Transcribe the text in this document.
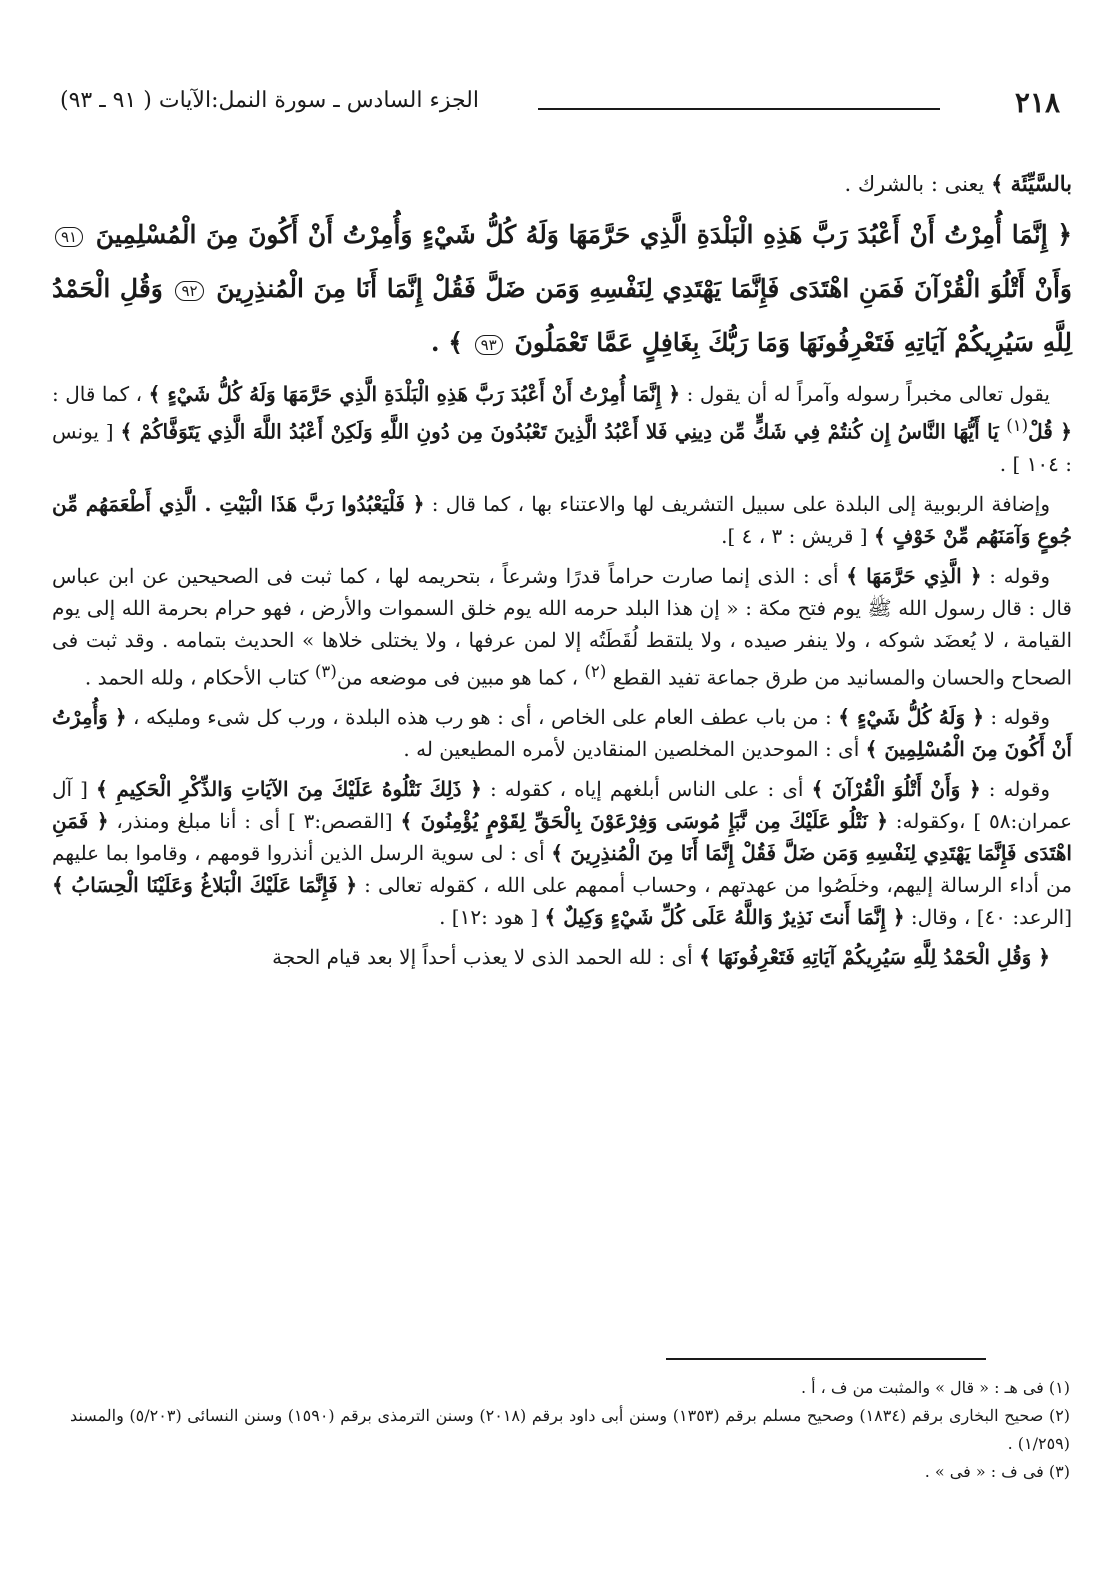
٢١٨
الجزء السادس ـ سورة النمل:الآيات ( ٩١ ـ ٩٣)

بالسَّيِّئَة ﴾ يعنى : بالشرك .

﴿ إِنَّمَا أُمِرْتُ أَنْ أَعْبُدَ رَبَّ هَذِهِ الْبَلْدَةِ الَّذِي حَرَّمَهَا وَلَهُ كُلُّ شَيْءٍ وَأُمِرْتُ أَنْ أَكُونَ مِنَ الْمُسْلِمِينَ ٩١ وَأَنْ أَتْلُوَ الْقُرْآنَ فَمَنِ اهْتَدَى فَإِنَّمَا يَهْتَدِي لِنَفْسِهِ وَمَن ضَلَّ فَقُلْ إِنَّمَا أَنَا مِنَ الْمُنذِرِينَ ٩٢ وَقُلِ الْحَمْدُ لِلَّهِ سَيُرِيكُمْ آيَاتِهِ فَتَعْرِفُونَهَا وَمَا رَبُّكَ بِغَافِلٍ عَمَّا تَعْمَلُونَ ٩٣ ﴾ .

يقول تعالى مخبراً رسوله وآمراً له أن يقول : ﴿ إِنَّمَا أُمِرْتُ أَنْ أَعْبُدَ رَبَّ هَذِهِ الْبَلْدَةِ الَّذِي حَرَّمَهَا وَلَهُ كُلُّ شَيْءٍ ﴾ ، كما قال : ﴿ قُلْ$^{(١)}$ يَا أَيُّهَا النَّاسُ إِن كُنتُمْ فِي شَكٍّ مِّن دِينِي فَلا أَعْبُدُ الَّذِينَ تَعْبُدُونَ مِن دُونِ اللَّهِ وَلَكِنْ أَعْبُدُ اللَّهَ الَّذِي يَتَوَفَّاكُمْ ﴾ [ يونس : ١٠٤ ] .

وإضافة الربوبية إلى البلدة على سبيل التشريف لها والاعتناء بها ، كما قال : ﴿ فَلْيَعْبُدُوا رَبَّ هَذَا الْبَيْتِ . الَّذِي أَطْعَمَهُم مِّن جُوعٍ وَآمَنَهُم مِّنْ خَوْفٍ ﴾ [ قريش : ٣ ، ٤ ].

وقوله : ﴿ الَّذِي حَرَّمَهَا ﴾ أى : الذى إنما صارت حراماً قدرًا وشرعاً ، بتحريمه لها ، كما ثبت فى الصحيحين عن ابن عباس قال : قال رسول الله ﷺ يوم فتح مكة : « إن هذا البلد حرمه الله يوم خلق السموات والأرض ، فهو حرام بحرمة الله إلى يوم القيامة ، لا يُعضَد شوكه ، ولا ينفر صيده ، ولا يلتقط لُقَطَتُه إلا لمن عرفها ، ولا يختلى خلاها » الحديث بتمامه . وقد ثبت فى الصحاح والحسان والمسانيد من طرق جماعة تفيد القطع $^{(٢)}$ ، كما هو مبين فى موضعه من$^{(٣)}$ كتاب الأحكام ، ولله الحمد .

وقوله : ﴿ وَلَهُ كُلُّ شَيْءٍ ﴾ : من باب عطف العام على الخاص ، أى : هو رب هذه البلدة ، ورب كل شىء ومليكه ، ﴿ وَأُمِرْتُ أَنْ أَكُونَ مِنَ الْمُسْلِمِينَ ﴾ أى : الموحدين المخلصين المنقادين لأمره المطيعين له .

وقوله : ﴿ وَأَنْ أَتْلُوَ الْقُرْآنَ ﴾ أى : على الناس أبلغهم إياه ، كقوله : ﴿ ذَلِكَ نَتْلُوهُ عَلَيْكَ مِنَ الآيَاتِ وَالذِّكْرِ الْحَكِيمِ ﴾ [ آل عمران:٥٨ ] ،وكقوله: ﴿ نَتْلُو عَلَيْكَ مِن نَّبَإِ مُوسَى وَفِرْعَوْنَ بِالْحَقِّ لِقَوْمٍ يُؤْمِنُونَ ﴾ [القصص:٣ ] أى : أنا مبلغ ومنذر، ﴿ فَمَنِ اهْتَدَى فَإِنَّمَا يَهْتَدِي لِنَفْسِهِ وَمَن ضَلَّ فَقُلْ إِنَّمَا أَنَا مِنَ الْمُنذِرِينَ ﴾ أى : لى سوية الرسل الذين أنذروا قومهم ، وقاموا بما عليهم من أداء الرسالة إليهم، وخلَصُوا من عهدتهم ، وحساب أممهم على الله ، كقوله تعالى : ﴿ فَإِنَّمَا عَلَيْكَ الْبَلاغُ وَعَلَيْنَا الْحِسَابُ ﴾ [الرعد: ٤٠] ، وقال: ﴿ إِنَّمَا أَنتَ نَذِيرٌ وَاللَّهُ عَلَى كُلِّ شَيْءٍ وَكِيلٌ ﴾ [ هود :١٢] .

﴿ وَقُلِ الْحَمْدُ لِلَّهِ سَيُرِيكُمْ آيَاتِهِ فَتَعْرِفُونَهَا ﴾ أى : لله الحمد الذى لا يعذب أحداً إلا بعد قيام الحجة

(١) فى هـ : « قال » والمثبت من ف ، أ .

(٢) صحيح البخارى برقم (١٨٣٤) وصحيح مسلم برقم (١٣٥٣) وسنن أبى داود برقم (٢٠١٨) وسنن الترمذى برقم (١٥٩٠) وسنن النسائى (٥/٢٠٣) والمسند (١/٢٥٩) .

(٣) فى ف : « فى » .
